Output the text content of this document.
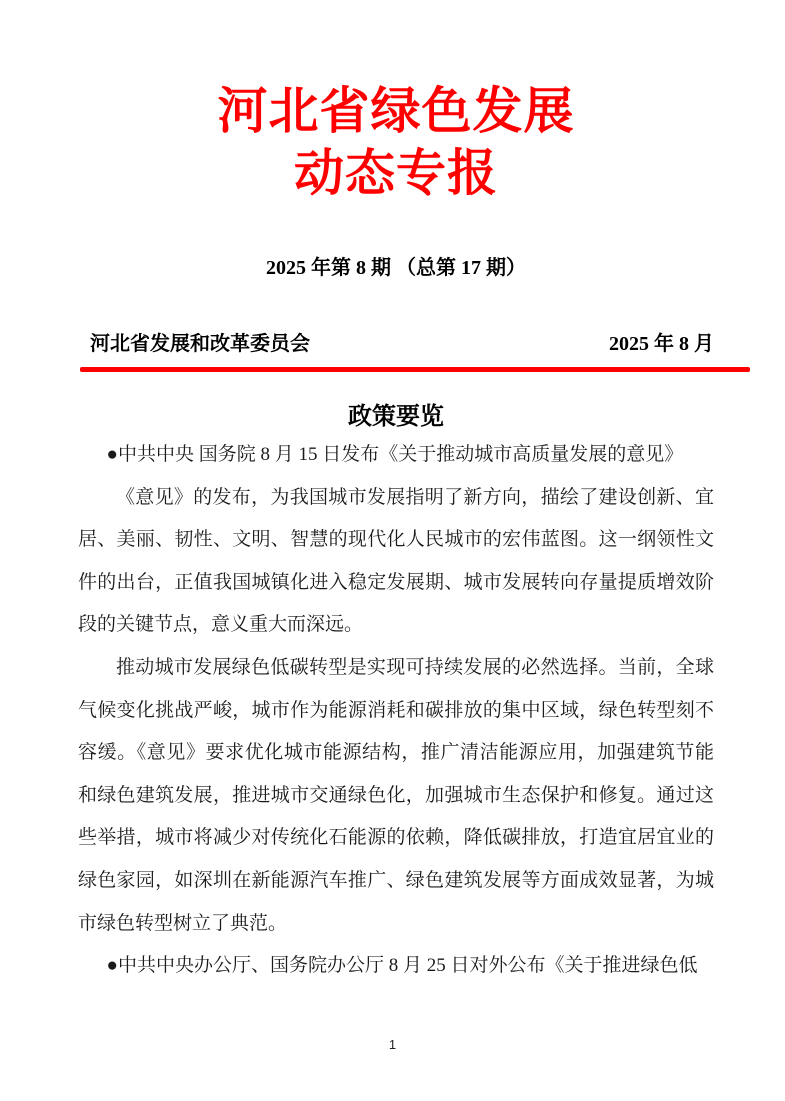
河北省绿色发展
动态专报
2025 年第 8 期 （总第 17 期）
河北省发展和改革委员会	2025 年 8 月
政策要览

●中共中央 国务院 8 月 15 日发布《关于推动城市高质量发展的意见》

《意见》的发布，为我国城市发展指明了新方向，描绘了建设创新、宜居、美丽、韧性、文明、智慧的现代化人民城市的宏伟蓝图。这一纲领性文件的出台，正值我国城镇化进入稳定发展期、城市发展转向存量提质增效阶段的关键节点，意义重大而深远。

推动城市发展绿色低碳转型是实现可持续发展的必然选择。当前，全球气候变化挑战严峻，城市作为能源消耗和碳排放的集中区域，绿色转型刻不容缓。《意见》要求优化城市能源结构，推广清洁能源应用，加强建筑节能和绿色建筑发展，推进城市交通绿色化，加强城市生态保护和修复。通过这些举措，城市将减少对传统化石能源的依赖，降低碳排放，打造宜居宜业的绿色家园，如深圳在新能源汽车推广、绿色建筑发展等方面成效显著，为城市绿色转型树立了典范。

●中共中央办公厅、国务院办公厅 8 月 25 日对外公布《关于推进绿色低

1
